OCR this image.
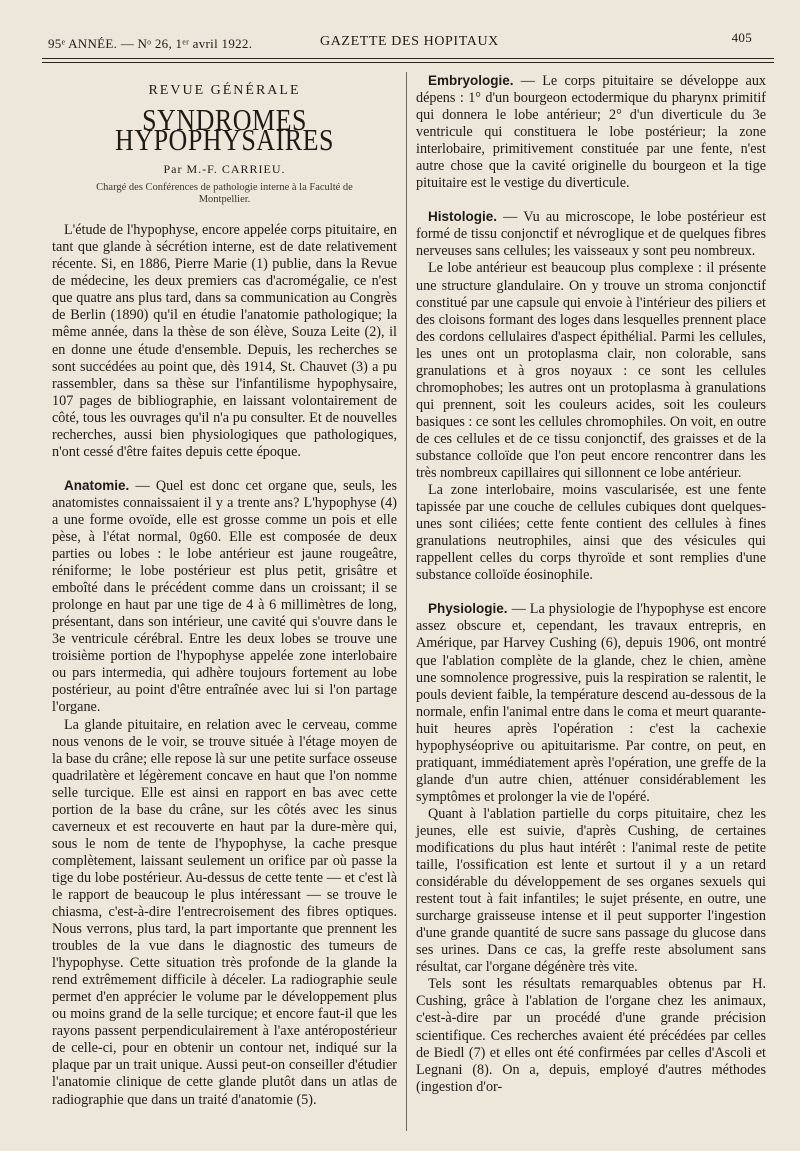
95ᵉ ANNÉE. — Nᵒ 26, 1ᵉʳ avril 1922.	GAZETTE DES HOPITAUX	405
REVUE GÉNÉRALE
SYNDROMES HYPOPHYSAIRES
Par M.-F. CARRIEU.
Chargé des Conférences de pathologie interne à la Faculté de Montpellier.

L'étude de l'hypophyse, encore appelée corps pituitaire, en tant que glande à sécrétion interne, est de date relativement récente. Si, en 1886, Pierre Marie (1) publie, dans la Revue de médecine, les deux premiers cas d'acromégalie, ce n'est que quatre ans plus tard, dans sa communication au Congrès de Berlin (1890) qu'il en étudie l'anatomie pathologique; la même année, dans la thèse de son élève, Souza Leite (2), il en donne une étude d'ensemble. Depuis, les recherches se sont succédées au point que, dès 1914, St. Chauvet (3) a pu rassembler, dans sa thèse sur l'infantilisme hypophysaire, 107 pages de bibliographie, en laissant volontairement de côté, tous les ouvrages qu'il n'a pu consulter. Et de nouvelles recherches, aussi bien physiologiques que pathologiques, n'ont cessé d'être faites depuis cette époque.

Anatomie. — Quel est donc cet organe que, seuls, les anatomistes connaissaient il y a trente ans? L'hypophyse (4) a une forme ovoïde, elle est grosse comme un pois et elle pèse, à l'état normal, 0g60. Elle est composée de deux parties ou lobes : le lobe antérieur est jaune rougeâtre, réniforme; le lobe postérieur est plus petit, grisâtre et emboîté dans le précédent comme dans un croissant; il se prolonge en haut par une tige de 4 à 6 millimètres de long, présentant, dans son intérieur, une cavité qui s'ouvre dans le 3e ventricule cérébral. Entre les deux lobes se trouve une troisième portion de l'hypophyse appelée zone interlobaire ou pars intermedia, qui adhère toujours fortement au lobe postérieur, au point d'être entraînée avec lui si l'on partage l'organe.

La glande pituitaire, en relation avec le cerveau, comme nous venons de le voir, se trouve située à l'étage moyen de la base du crâne; elle repose là sur une petite surface osseuse quadrilatère et légèrement concave en haut que l'on nomme selle turcique. Elle est ainsi en rapport en bas avec cette portion de la base du crâne, sur les côtés avec les sinus caverneux et est recouverte en haut par la dure-mère qui, sous le nom de tente de l'hypophyse, la cache presque complètement, laissant seulement un orifice par où passe la tige du lobe postérieur. Au-dessus de cette tente — et c'est là le rapport de beaucoup le plus intéressant — se trouve le chiasma, c'est-à-dire l'entrecroisement des fibres optiques. Nous verrons, plus tard, la part importante que prennent les troubles de la vue dans le diagnostic des tumeurs de l'hypophyse. Cette situation très profonde de la glande la rend extrêmement difficile à déceler. La radiographie seule permet d'en apprécier le volume par le développement plus ou moins grand de la selle turcique; et encore faut-il que les rayons passent perpendiculairement à l'axe antéropostérieur de celle-ci, pour en obtenir un contour net, indiqué sur la plaque par un trait unique. Aussi peut-on conseiller d'étudier l'anatomie clinique de cette glande plutôt dans un atlas de radiographie que dans un traité d'anatomie (5).

Embryologie. — Le corps pituitaire se développe aux dépens : 1° d'un bourgeon ectodermique du pharynx primitif qui donnera le lobe antérieur; 2° d'un diverticule du 3e ventricule qui constituera le lobe postérieur; la zone interlobaire, primitivement constituée par une fente, n'est autre chose que la cavité originelle du bourgeon et la tige pituitaire est le vestige du diverticule.

Histologie. — Vu au microscope, le lobe postérieur est formé de tissu conjonctif et névroglique et de quelques fibres nerveuses sans cellules; les vaisseaux y sont peu nombreux.

Le lobe antérieur est beaucoup plus complexe : il présente une structure glandulaire. On y trouve un stroma conjonctif constitué par une capsule qui envoie à l'intérieur des piliers et des cloisons formant des loges dans lesquelles prennent place des cordons cellulaires d'aspect épithélial. Parmi les cellules, les unes ont un protoplasma clair, non colorable, sans granulations et à gros noyaux : ce sont les cellules chromophobes; les autres ont un protoplasma à granulations qui prennent, soit les couleurs acides, soit les couleurs basiques : ce sont les cellules chromophiles. On voit, en outre de ces cellules et de ce tissu conjonctif, des graisses et de la substance colloïde que l'on peut encore rencontrer dans les très nombreux capillaires qui sillonnent ce lobe antérieur.

La zone interlobaire, moins vascularisée, est une fente tapissée par une couche de cellules cubiques dont quelques-unes sont ciliées; cette fente contient des cellules à fines granulations neutrophiles, ainsi que des vésicules qui rappellent celles du corps thyroïde et sont remplies d'une substance colloïde éosinophile.

Physiologie. — La physiologie de l'hypophyse est encore assez obscure et, cependant, les travaux entrepris, en Amérique, par Harvey Cushing (6), depuis 1906, ont montré que l'ablation complète de la glande, chez le chien, amène une somnolence progressive, puis la respiration se ralentit, le pouls devient faible, la température descend au-dessous de la normale, enfin l'animal entre dans le coma et meurt quarante-huit heures après l'opération : c'est la cachexie hypophyséoprive ou apituitarisme. Par contre, on peut, en pratiquant, immédiatement après l'opération, une greffe de la glande d'un autre chien, atténuer considérablement les symptômes et prolonger la vie de l'opéré.

Quant à l'ablation partielle du corps pituitaire, chez les jeunes, elle est suivie, d'après Cushing, de certaines modifications du plus haut intérêt : l'animal reste de petite taille, l'ossification est lente et surtout il y a un retard considérable du développement de ses organes sexuels qui restent tout à fait infantiles; le sujet présente, en outre, une surcharge graisseuse intense et il peut supporter l'ingestion d'une grande quantité de sucre sans passage du glucose dans ses urines. Dans ce cas, la greffe reste absolument sans résultat, car l'organe dégénère très vite.

Tels sont les résultats remarquables obtenus par H. Cushing, grâce à l'ablation de l'organe chez les animaux, c'est-à-dire par un procédé d'une grande précision scientifique. Ces recherches avaient été précédées par celles de Biedl (7) et elles ont été confirmées par celles d'Ascoli et Legnani (8). On a, depuis, employé d'autres méthodes (ingestion d'or-
